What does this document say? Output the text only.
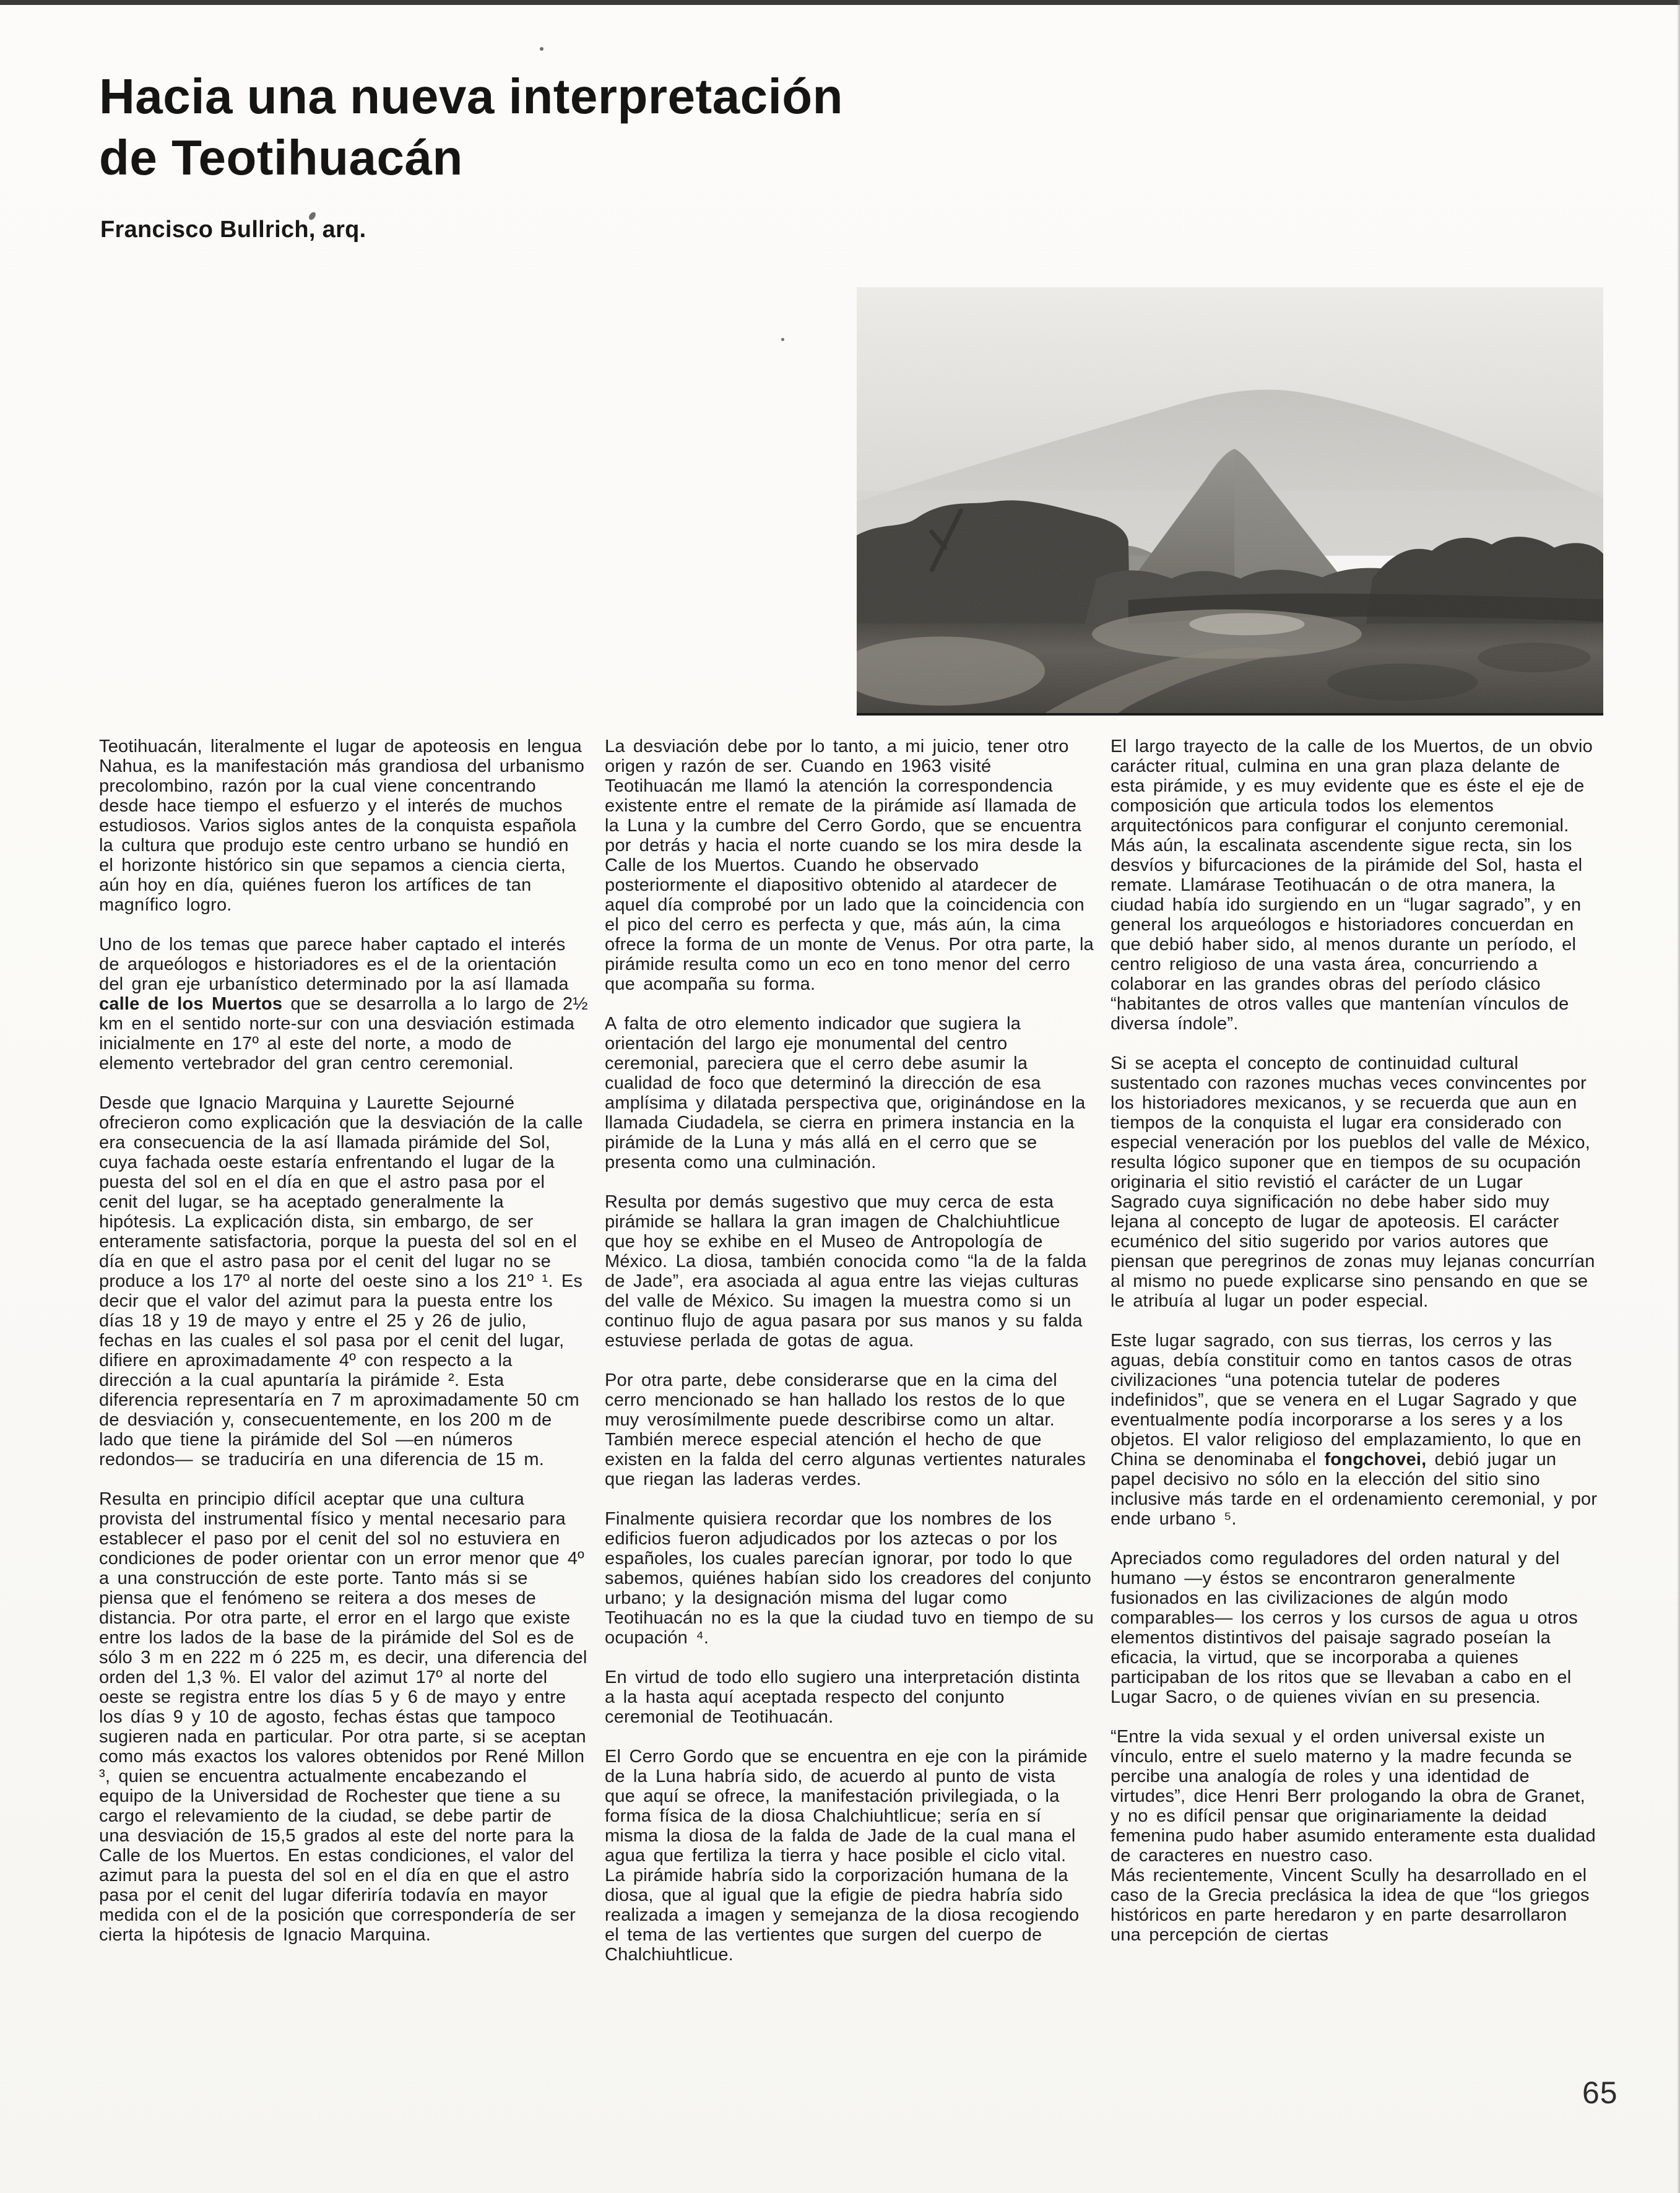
Hacia una nueva interpretación
de Teotihuacán
Francisco Bullrich, arq.

Teotihuacán, literalmente el lugar de apoteosis en lengua Nahua, es la manifestación más grandiosa del urbanismo precolombino, razón por la cual viene concentrando desde hace tiempo el esfuerzo y el interés de muchos estudiosos. Varios siglos antes de la conquista española la cultura que produjo este centro urbano se hundió en el horizonte histórico sin que sepamos a ciencia cierta, aún hoy en día, quiénes fueron los artífices de tan magnífico logro.

Uno de los temas que parece haber captado el interés de arqueólogos e historiadores es el de la orientación del gran eje urbanístico determinado por la así llamada calle de los Muertos que se desarrolla a lo largo de 2½ km en el sentido norte-sur con una desviación estimada inicialmente en 17º al este del norte, a modo de elemento vertebrador del gran centro ceremonial.

Desde que Ignacio Marquina y Laurette Sejourné ofrecieron como explicación que la desviación de la calle era consecuencia de la así llamada pirámide del Sol, cuya fachada oeste estaría enfrentando el lugar de la puesta del sol en el día en que el astro pasa por el cenit del lugar, se ha aceptado generalmente la hipótesis. La explicación dista, sin embargo, de ser enteramente satisfactoria, porque la puesta del sol en el día en que el astro pasa por el cenit del lugar no se produce a los 17º al norte del oeste sino a los 21º ¹. Es decir que el valor del azimut para la puesta entre los días 18 y 19 de mayo y entre el 25 y 26 de julio, fechas en las cuales el sol pasa por el cenit del lugar, difiere en aproximadamente 4º con respecto a la dirección a la cual apuntaría la pirámide ². Esta diferencia representaría en 7 m aproximadamente 50 cm de desviación y, consecuentemente, en los 200 m de lado que tiene la pirámide del Sol —en números redondos— se traduciría en una diferencia de 15 m.

Resulta en principio difícil aceptar que una cultura provista del instrumental físico y mental necesario para establecer el paso por el cenit del sol no estuviera en condiciones de poder orientar con un error menor que 4º a una construcción de este porte. Tanto más si se piensa que el fenómeno se reitera a dos meses de distancia. Por otra parte, el error en el largo que existe entre los lados de la base de la pirámide del Sol es de sólo 3 m en 222 m ó 225 m, es decir, una diferencia del orden del 1,3 %. El valor del azimut 17º al norte del oeste se registra entre los días 5 y 6 de mayo y entre los días 9 y 10 de agosto, fechas éstas que tampoco sugieren nada en particular. Por otra parte, si se aceptan como más exactos los valores obtenidos por René Millon ³, quien se encuentra actualmente encabezando el equipo de la Universidad de Rochester que tiene a su cargo el relevamiento de la ciudad, se debe partir de una desviación de 15,5 grados al este del norte para la Calle de los Muertos. En estas condiciones, el valor del azimut para la puesta del sol en el día en que el astro pasa por el cenit del lugar diferiría todavía en mayor medida con el de la posición que correspondería de ser cierta la hipótesis de Ignacio Marquina.

La desviación debe por lo tanto, a mi juicio, tener otro origen y razón de ser. Cuando en 1963 visité Teotihuacán me llamó la atención la correspondencia existente entre el remate de la pirámide así llamada de la Luna y la cumbre del Cerro Gordo, que se encuentra por detrás y hacia el norte cuando se los mira desde la Calle de los Muertos. Cuando he observado posteriormente el diapositivo obtenido al atardecer de aquel día comprobé por un lado que la coincidencia con el pico del cerro es perfecta y que, más aún, la cima ofrece la forma de un monte de Venus. Por otra parte, la pirámide resulta como un eco en tono menor del cerro que acompaña su forma.

A falta de otro elemento indicador que sugiera la orientación del largo eje monumental del centro ceremonial, pareciera que el cerro debe asumir la cualidad de foco que determinó la dirección de esa amplísima y dilatada perspectiva que, originándose en la llamada Ciudadela, se cierra en primera instancia en la pirámide de la Luna y más allá en el cerro que se presenta como una culminación.

Resulta por demás sugestivo que muy cerca de esta pirámide se hallara la gran imagen de Chalchiuhtlicue que hoy se exhibe en el Museo de Antropología de México. La diosa, también conocida como “la de la falda de Jade”, era asociada al agua entre las viejas culturas del valle de México. Su imagen la muestra como si un continuo flujo de agua pasara por sus manos y su falda estuviese perlada de gotas de agua.

Por otra parte, debe considerarse que en la cima del cerro mencionado se han hallado los restos de lo que muy verosímilmente puede describirse como un altar. También merece especial atención el hecho de que existen en la falda del cerro algunas vertientes naturales que riegan las laderas verdes.

Finalmente quisiera recordar que los nombres de los edificios fueron adjudicados por los aztecas o por los españoles, los cuales parecían ignorar, por todo lo que sabemos, quiénes habían sido los creadores del conjunto urbano; y la designación misma del lugar como Teotihuacán no es la que la ciudad tuvo en tiempo de su ocupación ⁴.

En virtud de todo ello sugiero una interpretación distinta a la hasta aquí aceptada respecto del conjunto ceremonial de Teotihuacán.

El Cerro Gordo que se encuentra en eje con la pirámide de la Luna habría sido, de acuerdo al punto de vista que aquí se ofrece, la manifestación privilegiada, o la forma física de la diosa Chalchiuhtlicue; sería en sí misma la diosa de la falda de Jade de la cual mana el agua que fertiliza la tierra y hace posible el ciclo vital. La pirámide habría sido la corporización humana de la diosa, que al igual que la efigie de piedra habría sido realizada a imagen y semejanza de la diosa recogiendo el tema de las vertientes que surgen del cuerpo de Chalchiuhtlicue.

El largo trayecto de la calle de los Muertos, de un obvio carácter ritual, culmina en una gran plaza delante de esta pirámide, y es muy evidente que es éste el eje de composición que articula todos los elementos arquitectónicos para configurar el conjunto ceremonial. Más aún, la escalinata ascendente sigue recta, sin los desvíos y bifurcaciones de la pirámide del Sol, hasta el remate. Llamárase Teotihuacán o de otra manera, la ciudad había ido surgiendo en un “lugar sagrado”, y en general los arqueólogos e historiadores concuerdan en que debió haber sido, al menos durante un período, el centro religioso de una vasta área, concurriendo a colaborar en las grandes obras del período clásico “habitantes de otros valles que mantenían vínculos de diversa índole”.

Si se acepta el concepto de continuidad cultural sustentado con razones muchas veces convincentes por los historiadores mexicanos, y se recuerda que aun en tiempos de la conquista el lugar era considerado con especial veneración por los pueblos del valle de México, resulta lógico suponer que en tiempos de su ocupación originaria el sitio revistió el carácter de un Lugar Sagrado cuya significación no debe haber sido muy lejana al concepto de lugar de apoteosis. El carácter ecuménico del sitio sugerido por varios autores que piensan que peregrinos de zonas muy lejanas concurrían al mismo no puede explicarse sino pensando en que se le atribuía al lugar un poder especial.

Este lugar sagrado, con sus tierras, los cerros y las aguas, debía constituir como en tantos casos de otras civilizaciones “una potencia tutelar de poderes indefinidos”, que se venera en el Lugar Sagrado y que eventualmente podía incorporarse a los seres y a los objetos. El valor religioso del emplazamiento, lo que en China se denominaba el fongchovei, debió jugar un papel decisivo no sólo en la elección del sitio sino inclusive más tarde en el ordenamiento ceremonial, y por ende urbano ⁵.

Apreciados como reguladores del orden natural y del humano —y éstos se encontraron generalmente fusionados en las civilizaciones de algún modo comparables— los cerros y los cursos de agua u otros elementos distintivos del paisaje sagrado poseían la eficacia, la virtud, que se incorporaba a quienes participaban de los ritos que se llevaban a cabo en el Lugar Sacro, o de quienes vivían en su presencia.

“Entre la vida sexual y el orden universal existe un vínculo, entre el suelo materno y la madre fecunda se percibe una analogía de roles y una identidad de virtudes”, dice Henri Berr prologando la obra de Granet, y no es difícil pensar que originariamente la deidad femenina pudo haber asumido enteramente esta dualidad de caracteres en nuestro caso.

Más recientemente, Vincent Scully ha desarrollado en el caso de la Grecia preclásica la idea de que “los griegos históricos en parte heredaron y en parte desarrollaron una percepción de ciertas

65
